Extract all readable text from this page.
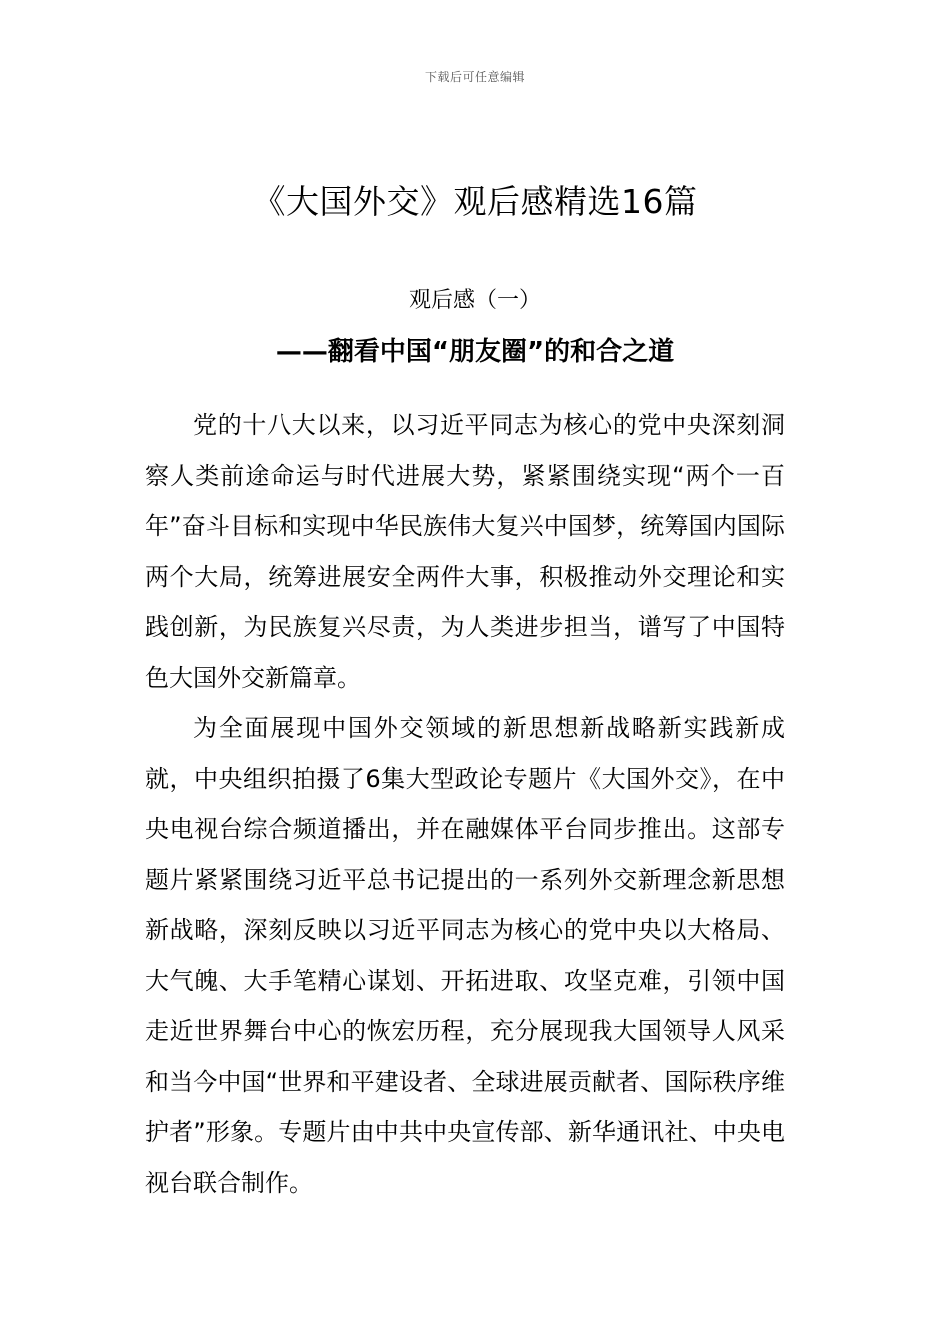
下载后可任意编辑
《大国外交》观后感精选16篇
观后感（一）
——翻看中国“朋友圈”的和合之道

党的十八大以来，以习近平同志为核心的党中央深刻洞察人类前途命运与时代进展大势，紧紧围绕实现“两个一百年”奋斗目标和实现中华民族伟大复兴中国梦，统筹国内国际两个大局，统筹进展安全两件大事，积极推动外交理论和实践创新，为民族复兴尽责，为人类进步担当，谱写了中国特色大国外交新篇章。

为全面展现中国外交领域的新思想新战略新实践新成就，中央组织拍摄了6集大型政论专题片《大国外交》，在中央电视台综合频道播出，并在融媒体平台同步推出。这部专题片紧紧围绕习近平总书记提出的一系列外交新理念新思想新战略，深刻反映以习近平同志为核心的党中央以大格局、大气魄、大手笔精心谋划、开拓进取、攻坚克难，引领中国走近世界舞台中心的恢宏历程，充分展现我大国领导人风采和当今中国“世界和平建设者、全球进展贡献者、国际秩序维护者”形象。专题片由中共中央宣传部、新华通讯社、中央电视台联合制作。
